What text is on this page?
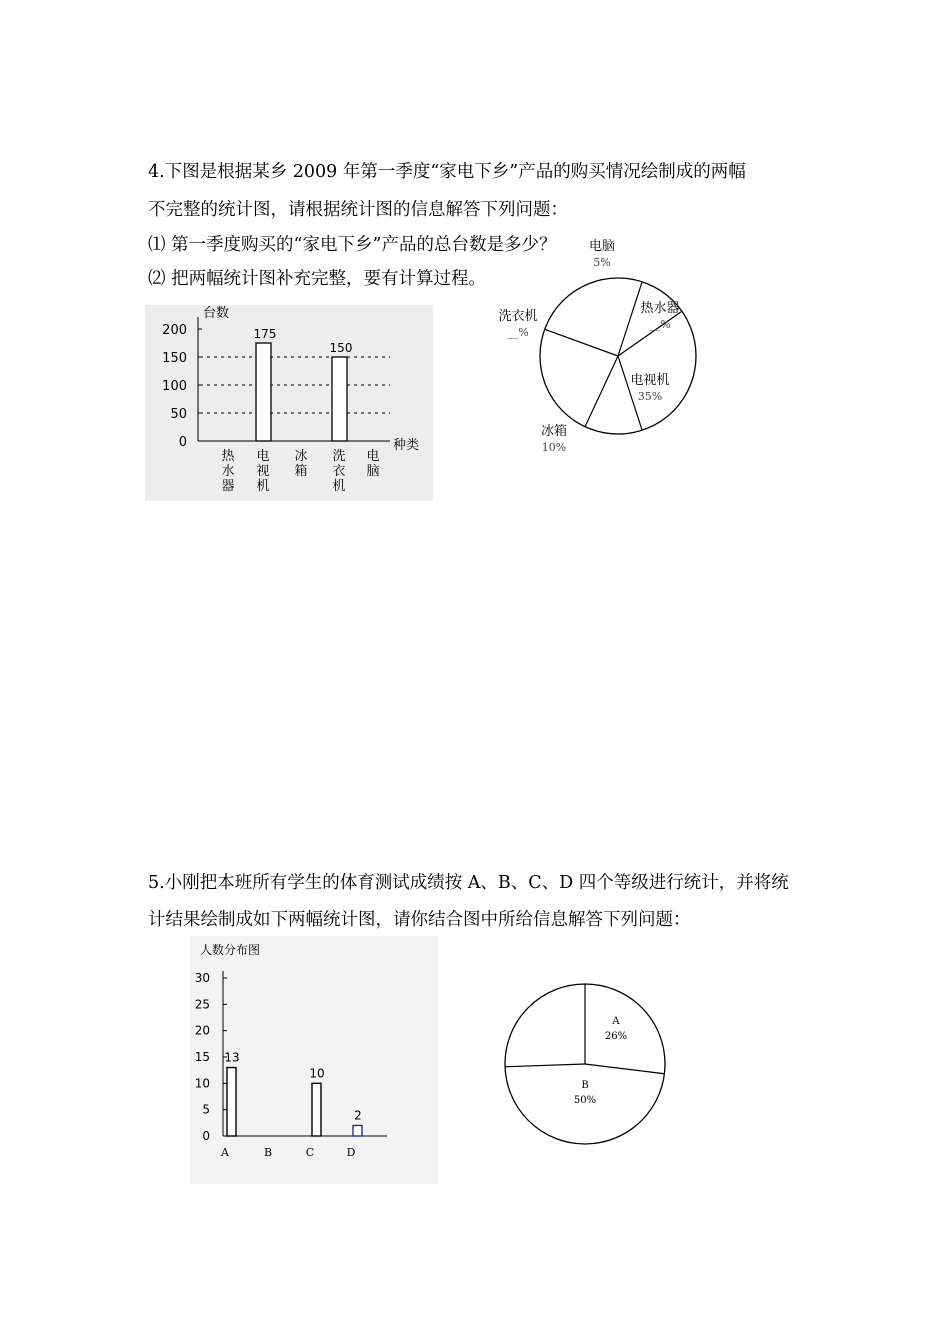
4.下图是根据某乡 2009 年第一季度“家电下乡”产品的购买情况绘制成的两幅
不完整的统计图，请根据统计图的信息解答下列问题：
⑴ 第一季度购买的“家电下乡”产品的总台数是多少？
⑵ 把两幅统计图补充完整，要有计算过程。
台数
种类
0
50
100
150
200
热
水
器
电
视
机
175
冰
箱
洗
衣
机
150
电
脑
电脑
5%
热水器
__%
电视机
35%
冰箱
10%
洗衣机
__%
5.小刚把本班所有学生的体育测试成绩按 A、B、C、D 四个等级进行统计，并将统
计结果绘制成如下两幅统计图，请你结合图中所给信息解答下列问题：
人数分布图
0
5
10
15
20
25
30
A
13
B	C
10
D
2
A
26%
B
50%
